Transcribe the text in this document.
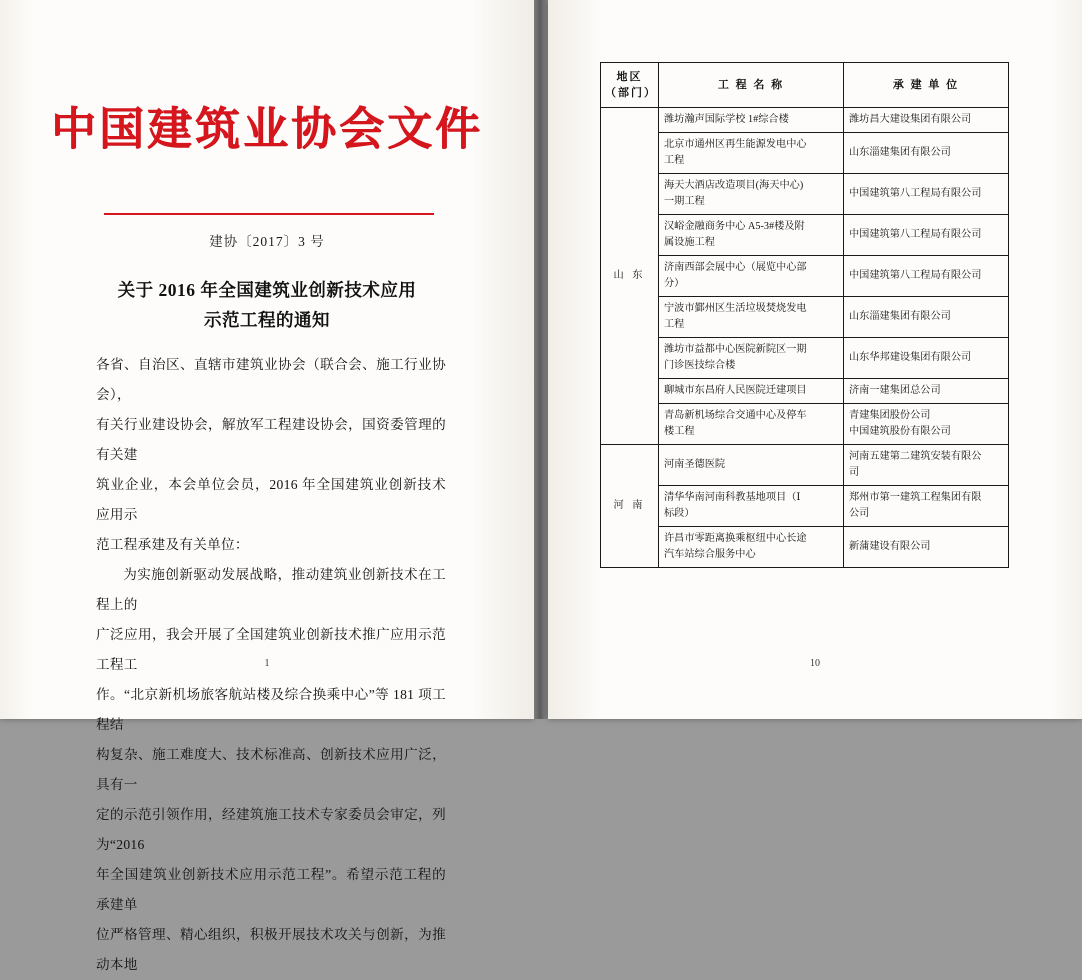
中国建筑业协会文件
建协〔2017〕3 号
关于 2016 年全国建筑业创新技术应用
示范工程的通知

各省、自治区、直辖市建筑业协会（联合会、施工行业协会），

有关行业建设协会，解放军工程建设协会，国资委管理的有关建

筑业企业，本会单位会员，2016 年全国建筑业创新技术应用示

范工程承建及有关单位：

为实施创新驱动发展战略，推动建筑业创新技术在工程上的

广泛应用，我会开展了全国建筑业创新技术推广应用示范工程工

作。“北京新机场旅客航站楼及综合换乘中心”等 181 项工程结

构复杂、施工难度大、技术标准高、创新技术应用广泛，具有一

定的示范引领作用，经建筑施工技术专家委员会审定，列为“2016

年全国建筑业创新技术应用示范工程”。希望示范工程的承建单

位严格管理、精心组织，积极开展技术攻关与创新，为推动本地

1
地区（部门）	工 程 名 称	承 建 单 位
山 东	潍坊瀚声国际学校 1#综合楼	潍坊昌大建设集团有限公司

	北京市通州区再生能源发电中心
工程	山东淄建集团有限公司

	海天大酒店改造项目(海天中心)
一期工程	中国建筑第八工程局有限公司

	汉峪金融商务中心 A5-3#楼及附
属设施工程	中国建筑第八工程局有限公司

	济南西部会展中心（展览中心部
分）	中国建筑第八工程局有限公司

	宁波市鄞州区生活垃圾焚烧发电
工程	山东淄建集团有限公司

	潍坊市益都中心医院新院区一期
门诊医技综合楼	山东华邦建设集团有限公司

	聊城市东昌府人民医院迁建项目	济南一建集团总公司

	青岛新机场综合交通中心及停车
楼工程	青建集团股份公司
中国建筑股份有限公司

河 南	河南圣德医院	河南五建第二建筑安装有限公
司

	清华华南河南科教基地项目（Ⅰ
标段）	郑州市第一建筑工程集团有限
公司

	许昌市零距离换乘枢纽中心长途
汽车站综合服务中心	新蒲建设有限公司
10
